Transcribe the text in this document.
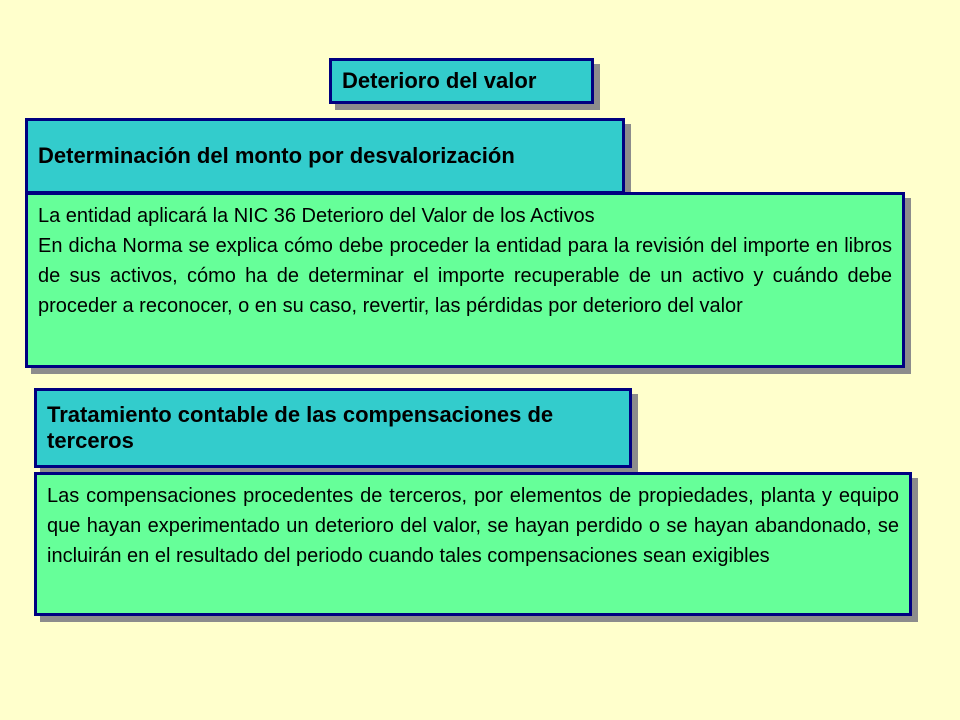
Deterioro del valor
Determinación del monto por desvalorización

La entidad aplicará la NIC 36 Deterioro del Valor de los Activos

En dicha Norma se explica cómo debe proceder la entidad para la revisión del importe en libros de sus activos, cómo ha de determinar el importe recuperable de un activo y cuándo debe proceder a reconocer, o en su caso, revertir, las pérdidas por deterioro del valor

Tratamiento contable de las compensaciones de terceros

Las compensaciones procedentes de terceros, por elementos de propiedades, planta y equipo que hayan experimentado un deterioro del valor, se hayan perdido o se hayan abandonado, se incluirán en el resultado del periodo cuando tales compensaciones sean exigibles
